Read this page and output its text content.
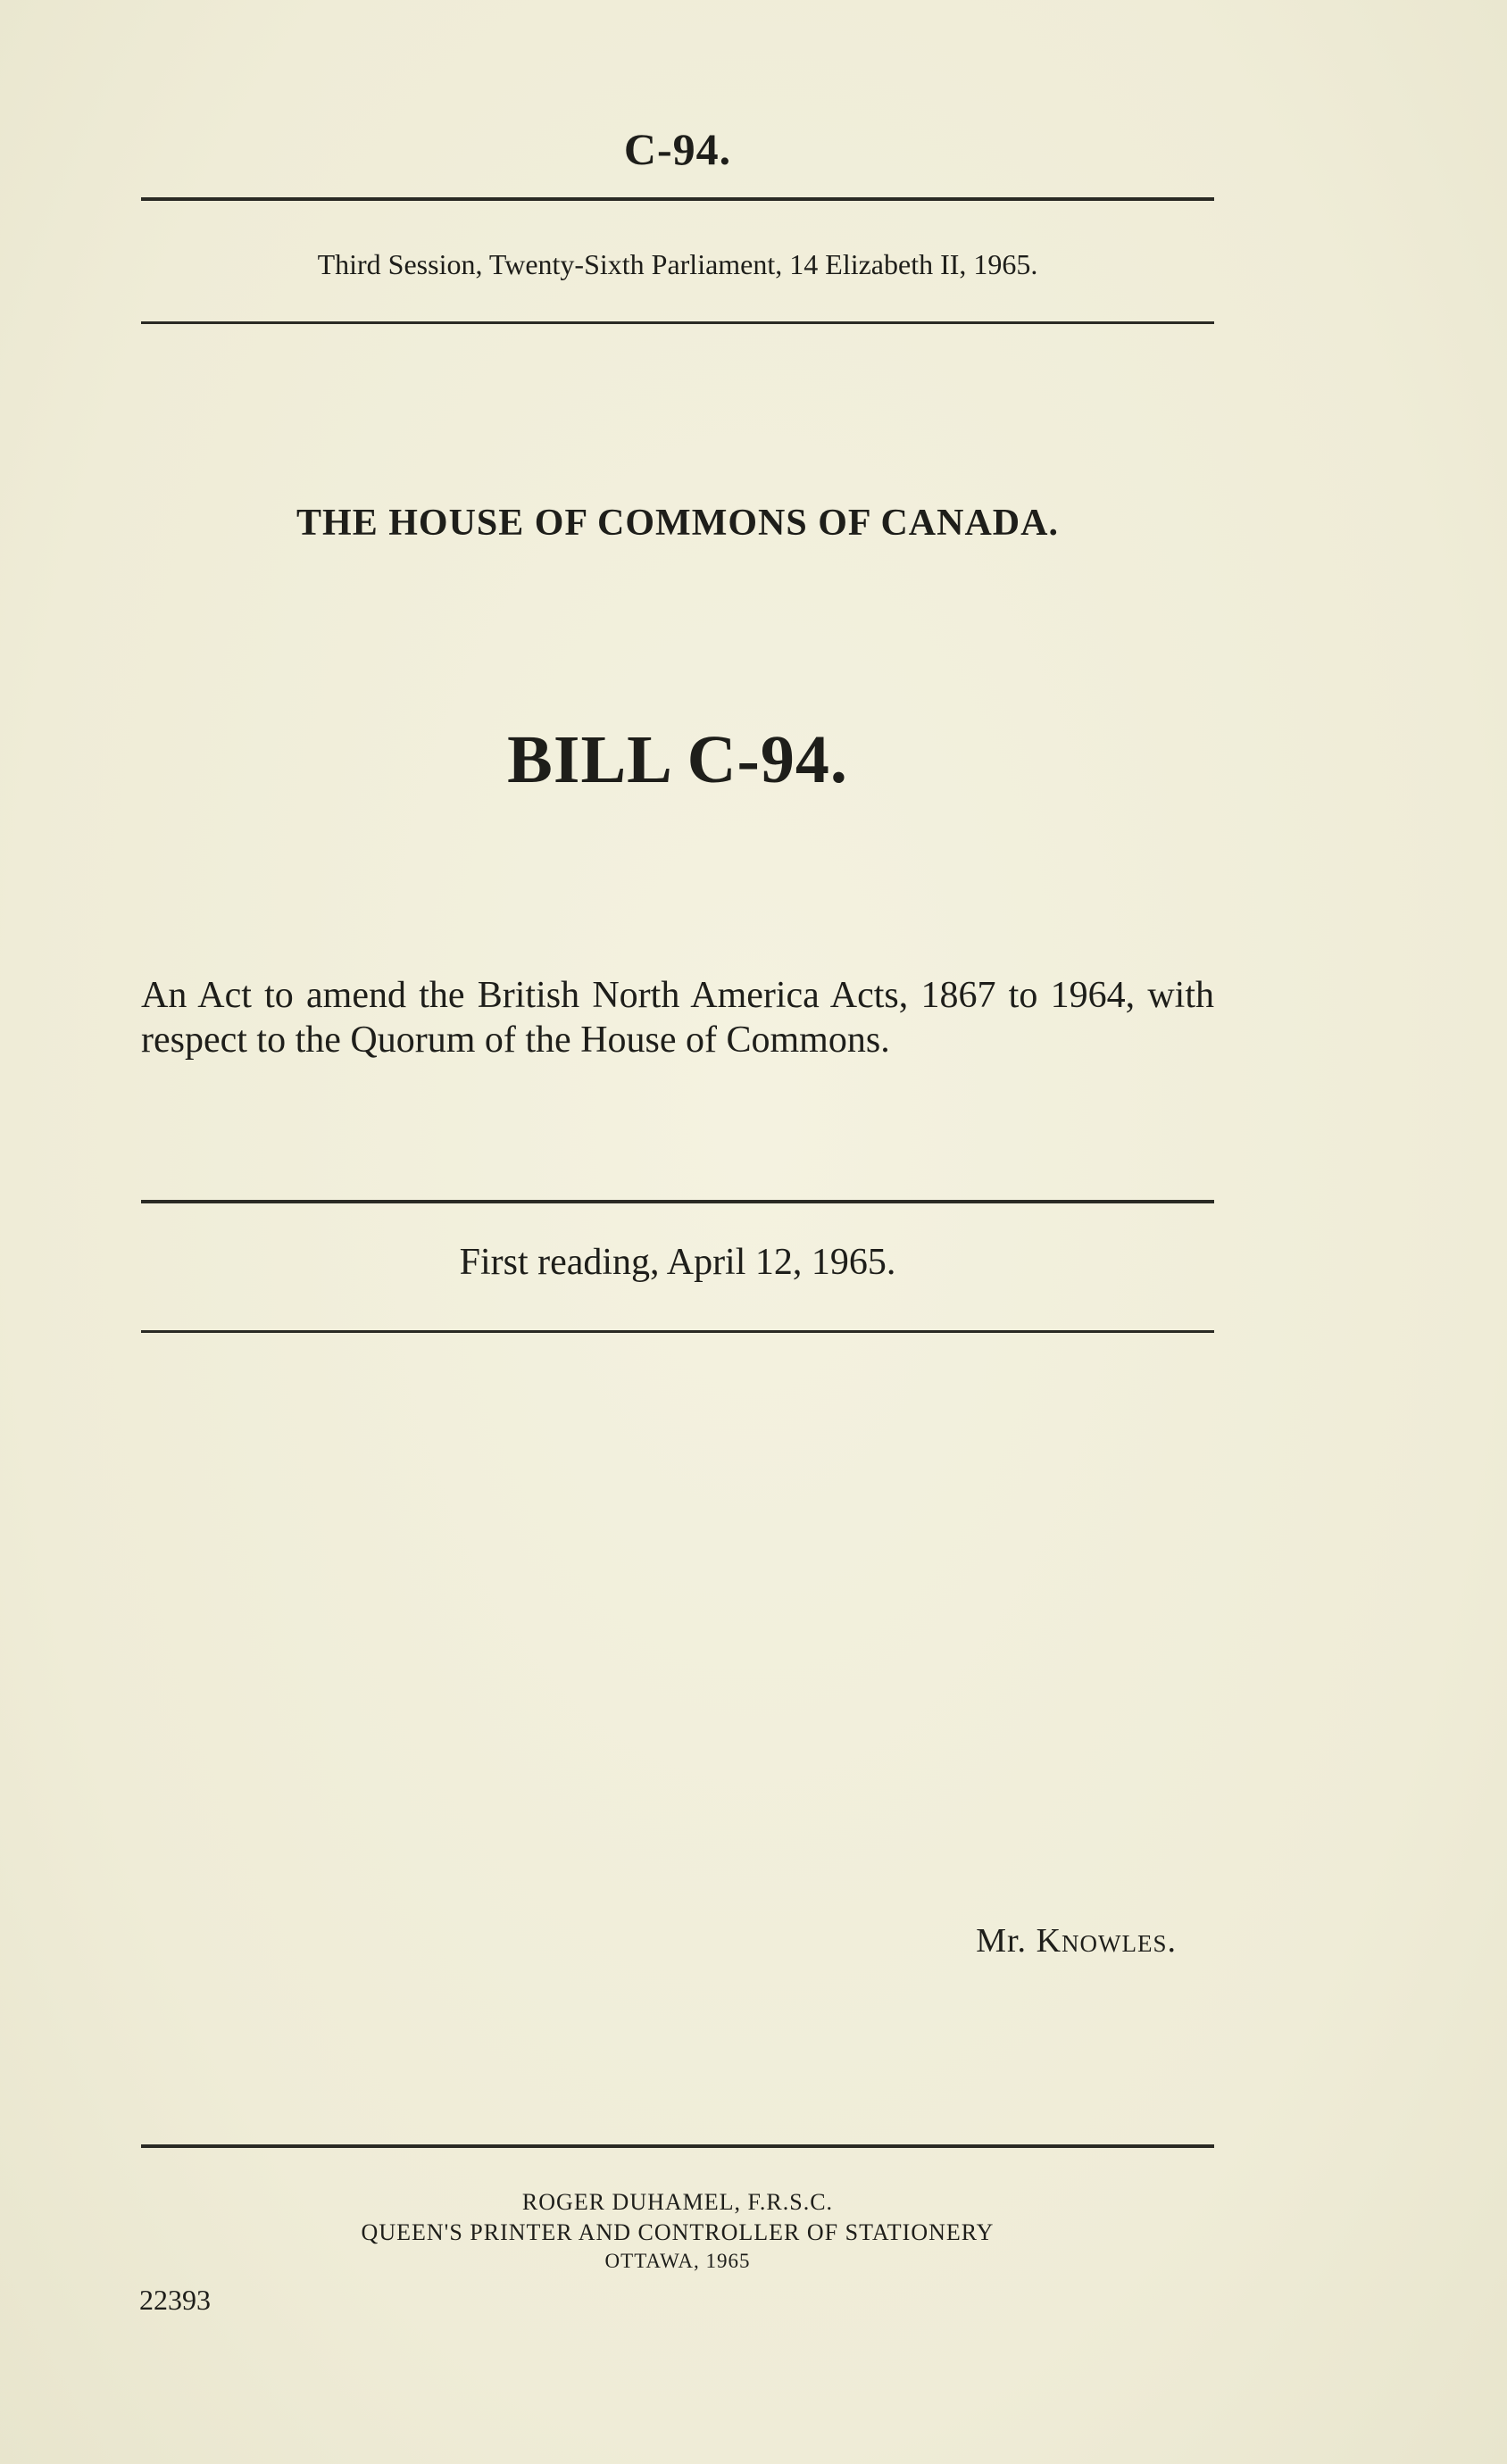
C-94.
Third Session, Twenty-Sixth Parliament, 14 Elizabeth II, 1965.
THE HOUSE OF COMMONS OF CANADA.
BILL C-94.
An Act to amend the British North America Acts, 1867 to 1964, with respect to the Quorum of the House of Commons.
First reading, April 12, 1965.
Mr. Knowles.
ROGER DUHAMEL, F.R.S.C.
QUEEN'S PRINTER AND CONTROLLER OF STATIONERY
OTTAWA, 1965
22393
